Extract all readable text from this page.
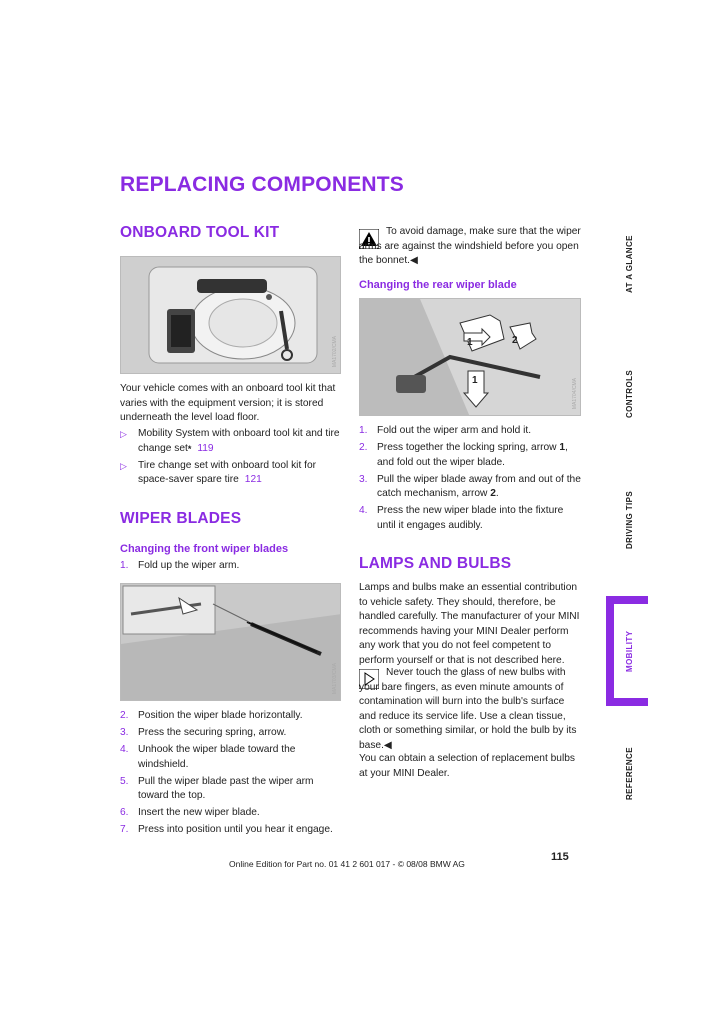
REPLACING COMPONENTS
ONBOARD TOOL KIT
MA1702/CMA

Your vehicle comes with an onboard tool kit that varies with the equipment version; it is stored underneath the level load floor.

▷ Mobility System with onboard tool kit and tire change set* 119
▷ Tire change set with onboard tool kit for space-saver spare tire 121
WIPER BLADES
Changing the front wiper blades
1. Fold up the wiper arm.
MA1703/CMA
2. Position the wiper blade horizontally.
3. Press the securing spring, arrow.
4. Unhook the wiper blade toward the windshield.
5. Pull the wiper blade past the wiper arm toward the top.
6. Insert the new wiper blade.
7. Press into position until you hear it engage.

To avoid damage, make sure that the wiper arms are against the windshield before you open the bonnet.◀

Changing the rear wiper blade
1	2
1	MA1704/CMA
1. Fold out the wiper arm and hold it.
2. Press together the locking spring, arrow 1, and fold out the wiper blade.
3. Pull the wiper blade away from and out of the catch mechanism, arrow 2.
4. Press the new wiper blade into the fixture until it engages audibly.
LAMPS AND BULBS

Lamps and bulbs make an essential contribution to vehicle safety. They should, therefore, be handled carefully. The manufacturer of your MINI recommends having your MINI Dealer perform any work that you do not feel competent to perform yourself or that is not described here.

Never touch the glass of new bulbs with your bare fingers, as even minute amounts of contamination will burn into the bulb's surface and reduce its service life. Use a clean tissue, cloth or something similar, or hold the bulb by its base.◀

You can obtain a selection of replacement bulbs at your MINI Dealer.

AT A GLANCE
CONTROLS
DRIVING TIPS
MOBILITY
REFERENCE
115
Online Edition for Part no. 01 41 2 601 017 - © 08/08 BMW AG
